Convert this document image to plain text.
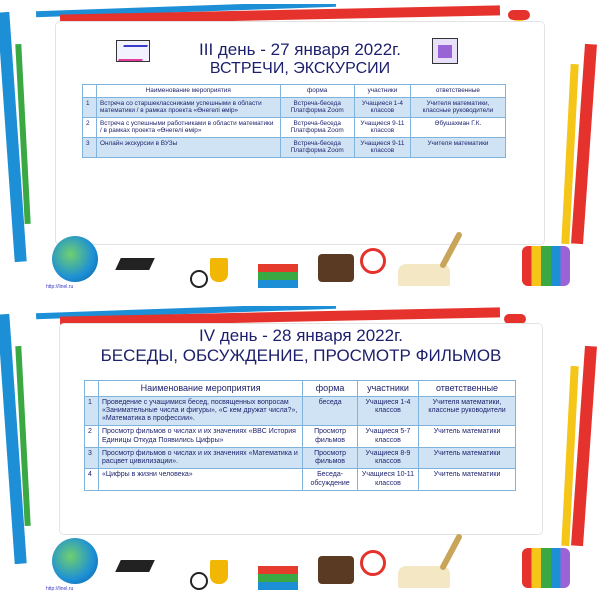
III день - 27 января 2022г.
ВСТРЕЧИ, ЭКСКУРСИИ
	Наименование мероприятия	форма	участники	ответственные
1	Встреча со старшеклассниками успешными в области математики / в рамках проекта «Өнегелі өмір»	Встреча-беседа Платформа Zoom	Учащиеся 1-4 классов	Учителя математики, классные руководители
2	Встреча с успешными работниками в области математики / в рамках проекта «Өнегелі өмір»	Встреча-беседа Платформа Zoom	Учащиеся 9-11 классов	Әбушахман Г.К.
3	Онлайн экскурсии в ВУЗы	Встреча-беседа Платформа Zoom	Учащиеся 9-11 классов	Учителя математики
http://linel.ru
IV день - 28 января 2022г.
БЕСЕДЫ, ОБСУЖДЕНИЕ, ПРОСМОТР ФИЛЬМОВ
	Наименование мероприятия	форма	участники	ответственные
1	Проведение с учащимися бесед, посвященных вопросам «Занимательные числа и фигуры», «С кем дружат числа?», «Математика в профессии».	беседа	Учащиеся 1-4 классов	Учителя математики, классные руководители
2	Просмотр фильмов о числах и их значениях «BBC История Единицы Откуда Появились Цифры»	Просмотр фильмов	Учащиеся 5-7 классов	Учитель математики
3	Просмотр фильмов о числах и их значениях «Математика и расцвет цивилизации».	Просмотр фильмов	Учащиеся 8-9 классов	Учитель математики
4	«Цифры в жизни человека»	Беседа-обсуждение	Учащиеся 10-11 классов	Учитель математики
http://linel.ru
